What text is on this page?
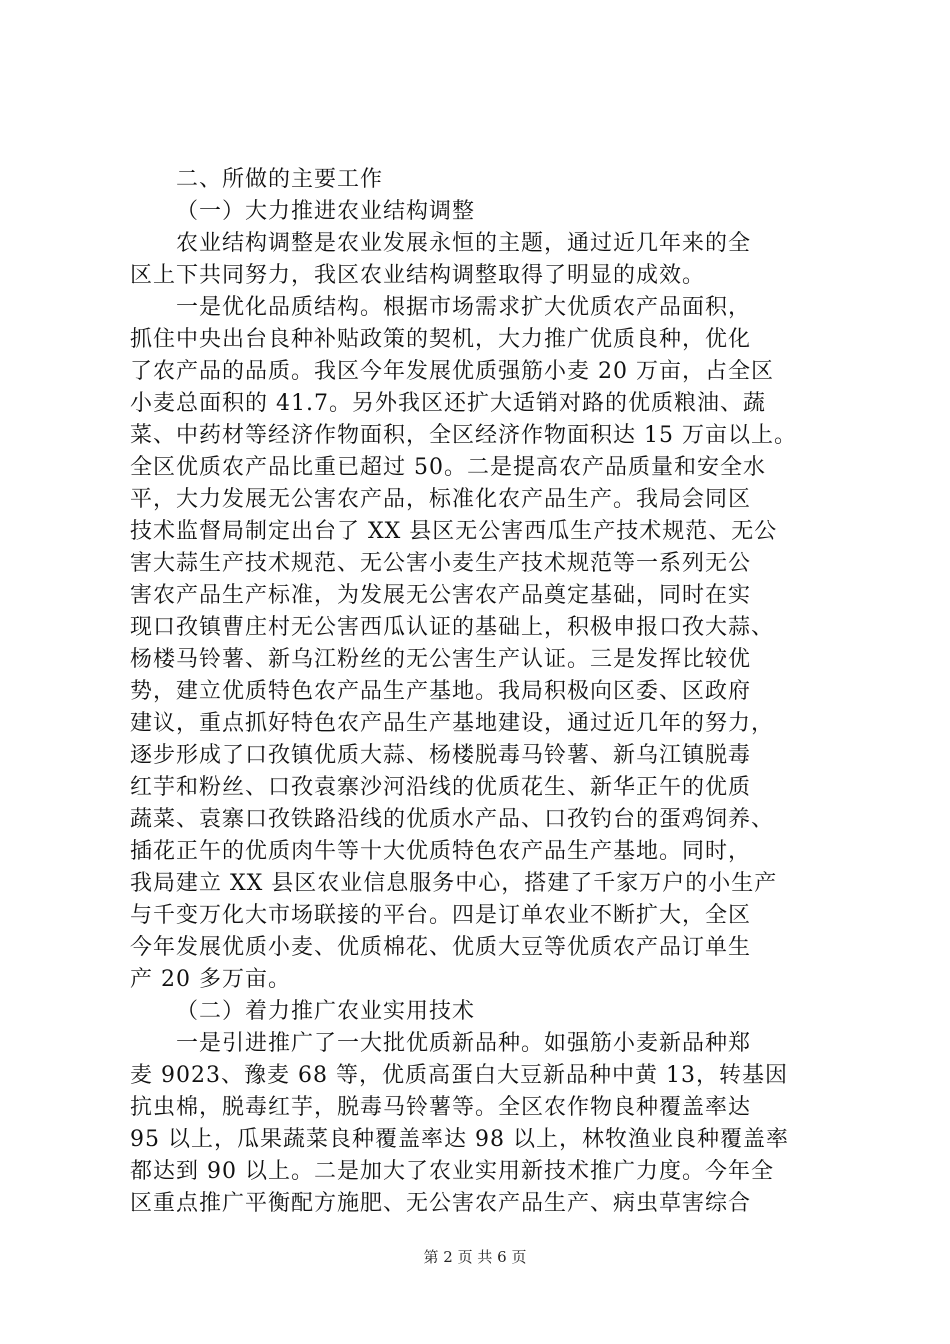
二、所做的主要工作
（一）大力推进农业结构调整
农业结构调整是农业发展永恒的主题，通过近几年来的全
区上下共同努力，我区农业结构调整取得了明显的成效。
一是优化品质结构。根据市场需求扩大优质农产品面积，
抓住中央出台良种补贴政策的契机，大力推广优质良种，优化
了农产品的品质。我区今年发展优质强筋小麦 20 万亩，占全区
小麦总面积的 41.7。另外我区还扩大适销对路的优质粮油、蔬
菜、中药材等经济作物面积，全区经济作物面积达 15 万亩以上。
全区优质农产品比重已超过 50。二是提高农产品质量和安全水
平，大力发展无公害农产品，标准化农产品生产。我局会同区
技术监督局制定出台了 XX 县区无公害西瓜生产技术规范、无公
害大蒜生产技术规范、无公害小麦生产技术规范等一系列无公
害农产品生产标准，为发展无公害农产品奠定基础，同时在实
现口孜镇曹庄村无公害西瓜认证的基础上，积极申报口孜大蒜、
杨楼马铃薯、新乌江粉丝的无公害生产认证。三是发挥比较优
势，建立优质特色农产品生产基地。我局积极向区委、区政府
建议，重点抓好特色农产品生产基地建设，通过近几年的努力，
逐步形成了口孜镇优质大蒜、杨楼脱毒马铃薯、新乌江镇脱毒
红芋和粉丝、口孜袁寨沙河沿线的优质花生、新华正午的优质
蔬菜、袁寨口孜铁路沿线的优质水产品、口孜钓台的蛋鸡饲养、
插花正午的优质肉牛等十大优质特色农产品生产基地。同时，
我局建立 XX 县区农业信息服务中心，搭建了千家万户的小生产
与千变万化大市场联接的平台。四是订单农业不断扩大，全区
今年发展优质小麦、优质棉花、优质大豆等优质农产品订单生
产 20 多万亩。
（二）着力推广农业实用技术
一是引进推广了一大批优质新品种。如强筋小麦新品种郑
麦 9023、豫麦 68 等，优质高蛋白大豆新品种中黄 13，转基因
抗虫棉，脱毒红芋，脱毒马铃薯等。全区农作物良种覆盖率达
95 以上，瓜果蔬菜良种覆盖率达 98 以上，林牧渔业良种覆盖率
都达到 90 以上。二是加大了农业实用新技术推广力度。今年全
区重点推广平衡配方施肥、无公害农产品生产、病虫草害综合
第 2 页 共 6 页
